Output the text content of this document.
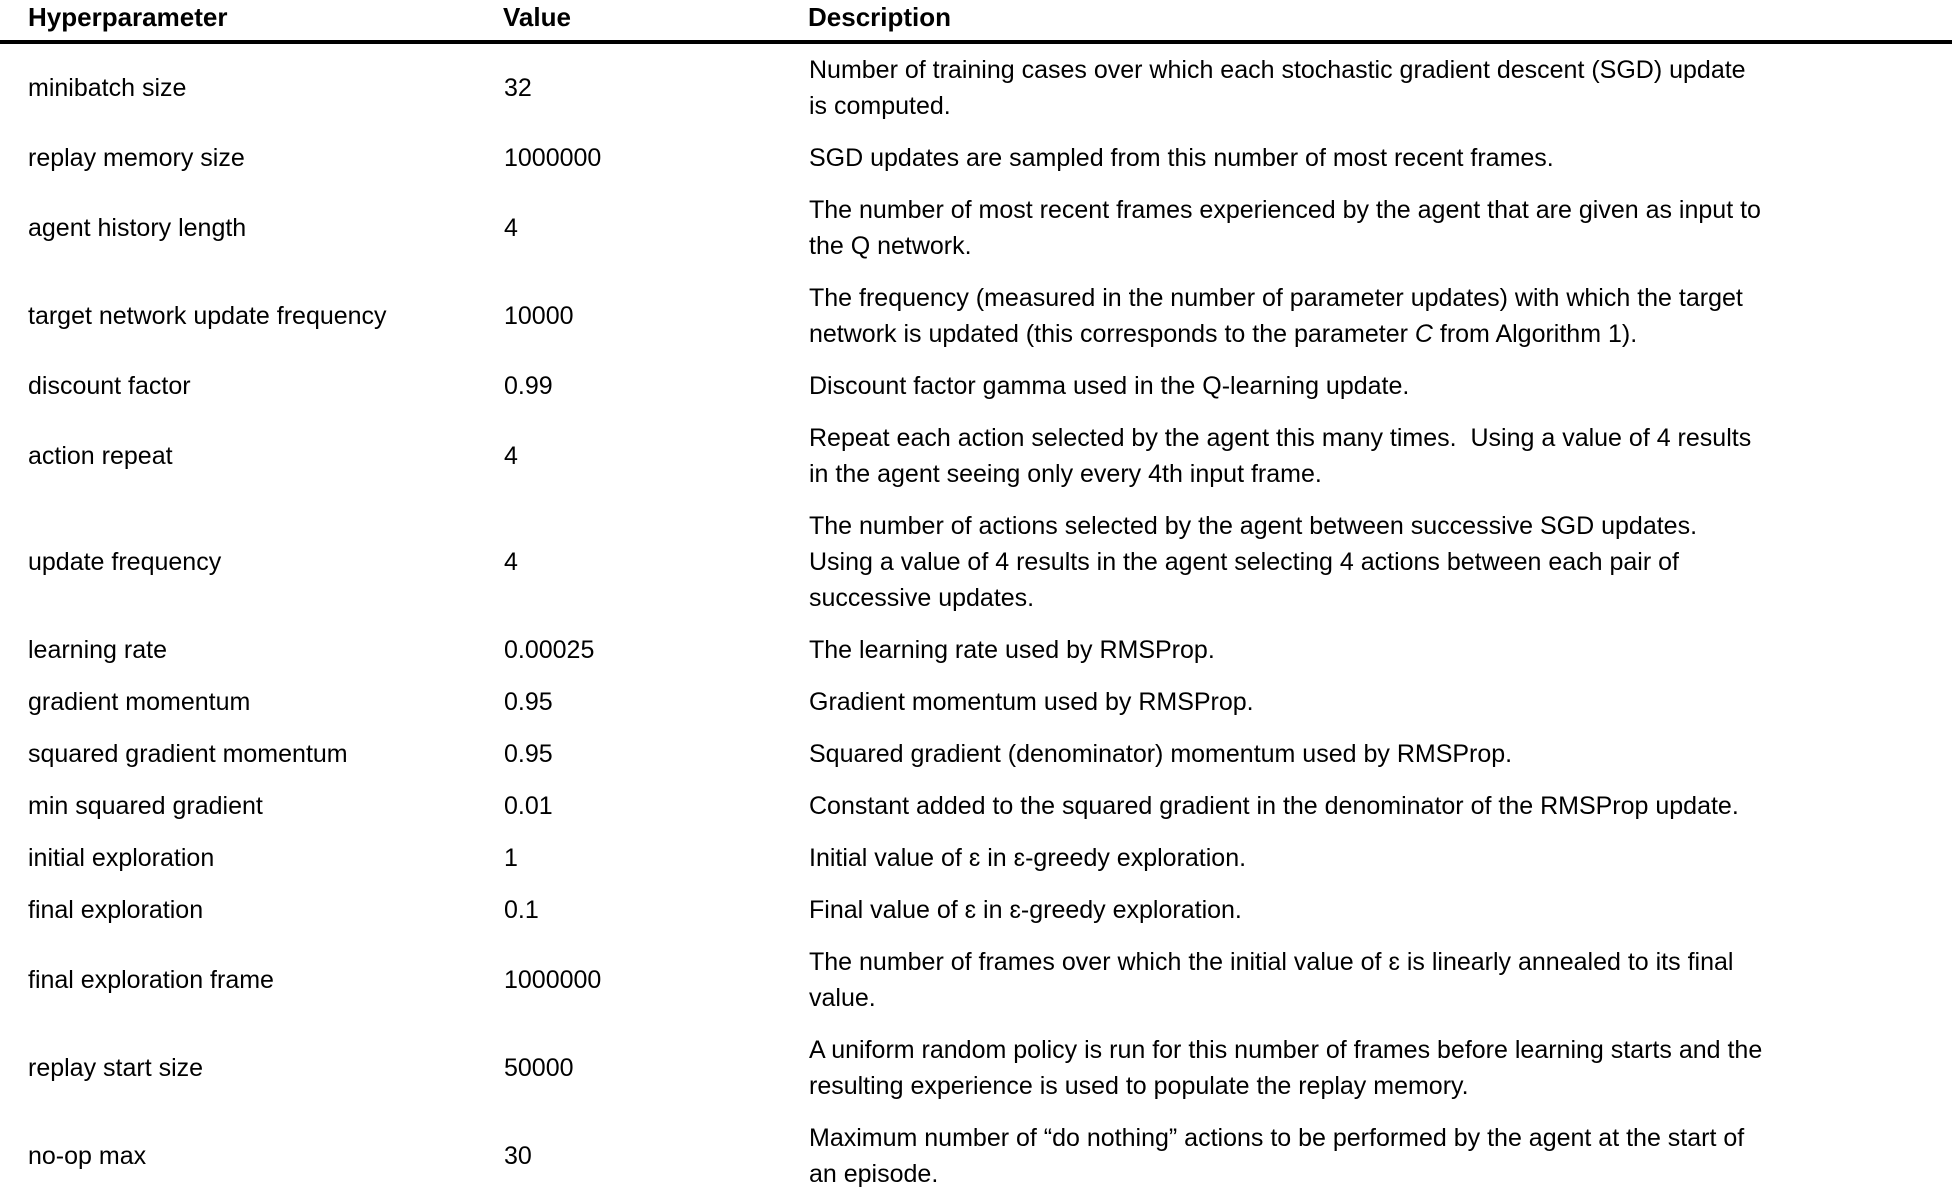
Hyperparameter	Value	Description
minibatch size	32	Number of training cases over which each stochastic gradient descent (SGD) update
is computed.

replay memory size	1000000	SGD updates are sampled from this number of most recent frames.

agent history length	4	The number of most recent frames experienced by the agent that are given as input to
the Q network.

target network update frequency	10000	The frequency (measured in the number of parameter updates) with which the target
network is updated (this corresponds to the parameter C from Algorithm 1).

discount factor	0.99	Discount factor gamma used in the Q-learning update.

action repeat	4	Repeat each action selected by the agent this many times.  Using a value of 4 results
in the agent seeing only every 4th input frame.

update frequency	4	The number of actions selected by the agent between successive SGD updates.
Using a value of 4 results in the agent selecting 4 actions between each pair of
successive updates.

learning rate	0.00025	The learning rate used by RMSProp.

gradient momentum	0.95	Gradient momentum used by RMSProp.

squared gradient momentum	0.95	Squared gradient (denominator) momentum used by RMSProp.

min squared gradient	0.01	Constant added to the squared gradient in the denominator of the RMSProp update.

initial exploration	1	Initial value of ɛ in ɛ-greedy exploration.

final exploration	0.1	Final value of ɛ in ɛ-greedy exploration.

final exploration frame	1000000	The number of frames over which the initial value of ɛ is linearly annealed to its final
value.

replay start size	50000	A uniform random policy is run for this number of frames before learning starts and the
resulting experience is used to populate the replay memory.

no-op max	30	Maximum number of “do nothing” actions to be performed by the agent at the start of
an episode.
